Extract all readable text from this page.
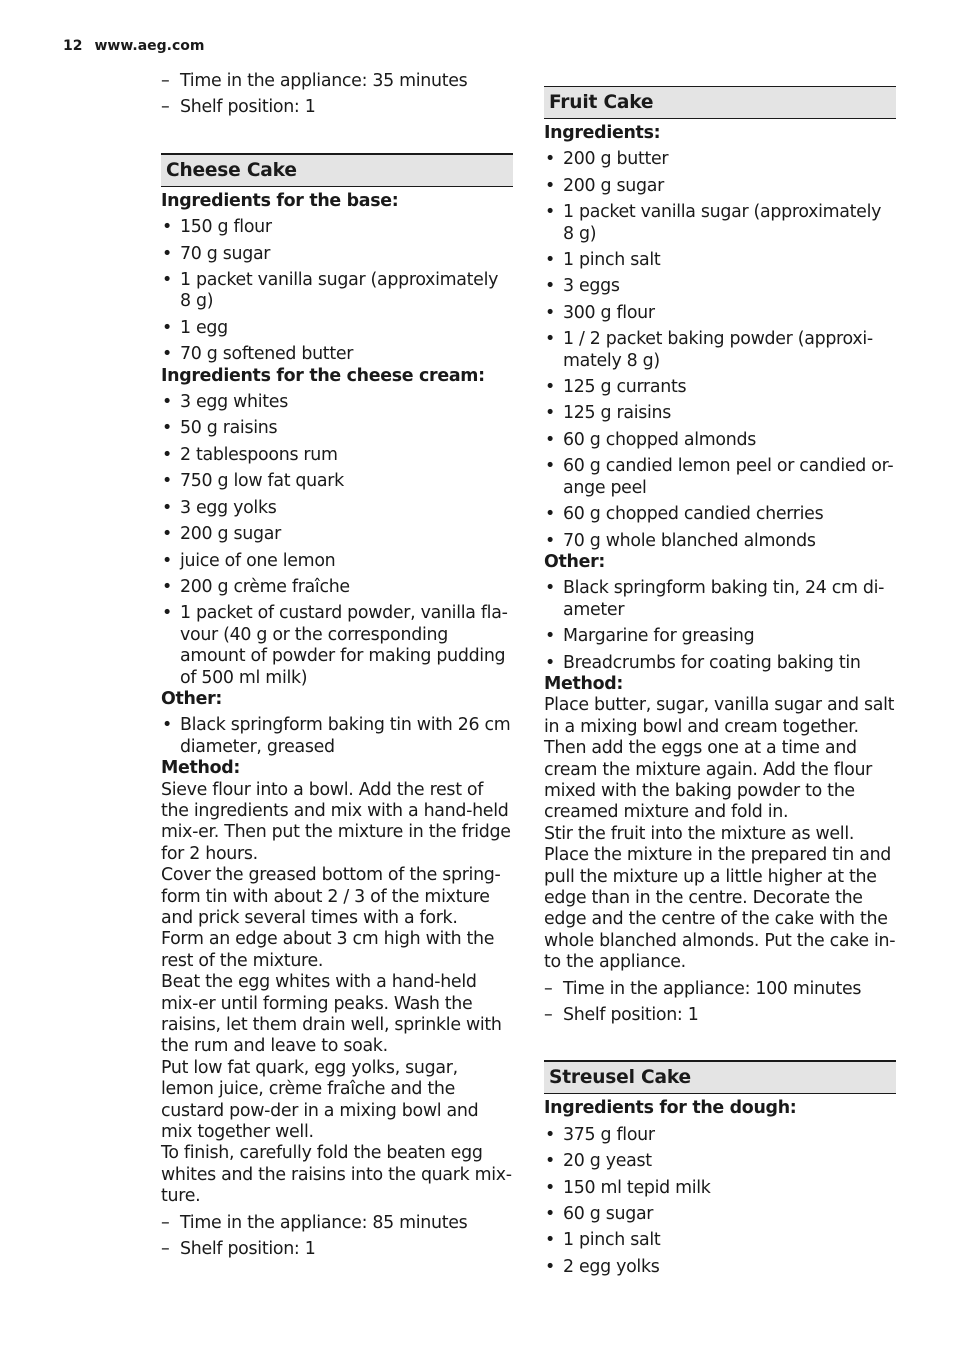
12 www.aeg.com
– Time in the appliance: 35 minutes
– Shelf position: 1
Cheese Cake
Ingredients for the base:
• 150 g flour
• 70 g sugar
• 1 packet vanilla sugar (approximately 8 g)
• 1 egg
• 70 g softened butter
Ingredients for the cheese cream:
• 3 egg whites
• 50 g raisins
• 2 tablespoons rum
• 750 g low fat quark
• 3 egg yolks
• 200 g sugar
• juice of one lemon
• 200 g crème fraîche
• 1 packet of custard powder, vanilla fla-vour (40 g or the corresponding amount of powder for making pudding of 500 ml milk)
Other:
• Black springform baking tin with 26 cm diameter, greased
Method:

Sieve flour into a bowl. Add the rest of the ingredients and mix with a hand-held mix-er. Then put the mixture in the fridge for 2 hours.

Cover the greased bottom of the spring-form tin with about 2 / 3 of the mixture and prick several times with a fork.

Form an edge about 3 cm high with the rest of the mixture.

Beat the egg whites with a hand-held mix-er until forming peaks. Wash the raisins, let them drain well, sprinkle with the rum and leave to soak.

Put low fat quark, egg yolks, sugar, lemon juice, crème fraîche and the custard pow-der in a mixing bowl and mix together well.

To finish, carefully fold the beaten egg whites and the raisins into the quark mix-ture.

– Time in the appliance: 85 minutes
– Shelf position: 1
Fruit Cake
Ingredients:
• 200 g butter
• 200 g sugar
• 1 packet vanilla sugar (approximately 8 g)
• 1 pinch salt
• 3 eggs
• 300 g flour
• 1 / 2 packet baking powder (approxi-mately 8 g)
• 125 g currants
• 125 g raisins
• 60 g chopped almonds
• 60 g candied lemon peel or candied or-ange peel
• 60 g chopped candied cherries
• 70 g whole blanched almonds
Other:
• Black springform baking tin, 24 cm di-ameter
• Margarine for greasing
• Breadcrumbs for coating baking tin
Method:

Place butter, sugar, vanilla sugar and salt in a mixing bowl and cream together. Then add the eggs one at a time and cream the mixture again. Add the flour mixed with the baking powder to the creamed mixture and fold in.

Stir the fruit into the mixture as well. Place the mixture in the prepared tin and pull the mixture up a little higher at the edge than in the centre. Decorate the edge and the centre of the cake with the whole blanched almonds. Put the cake in-to the appliance.

– Time in the appliance: 100 minutes
– Shelf position: 1
Streusel Cake
Ingredients for the dough:
• 375 g flour
• 20 g yeast
• 150 ml tepid milk
• 60 g sugar
• 1 pinch salt
• 2 egg yolks
